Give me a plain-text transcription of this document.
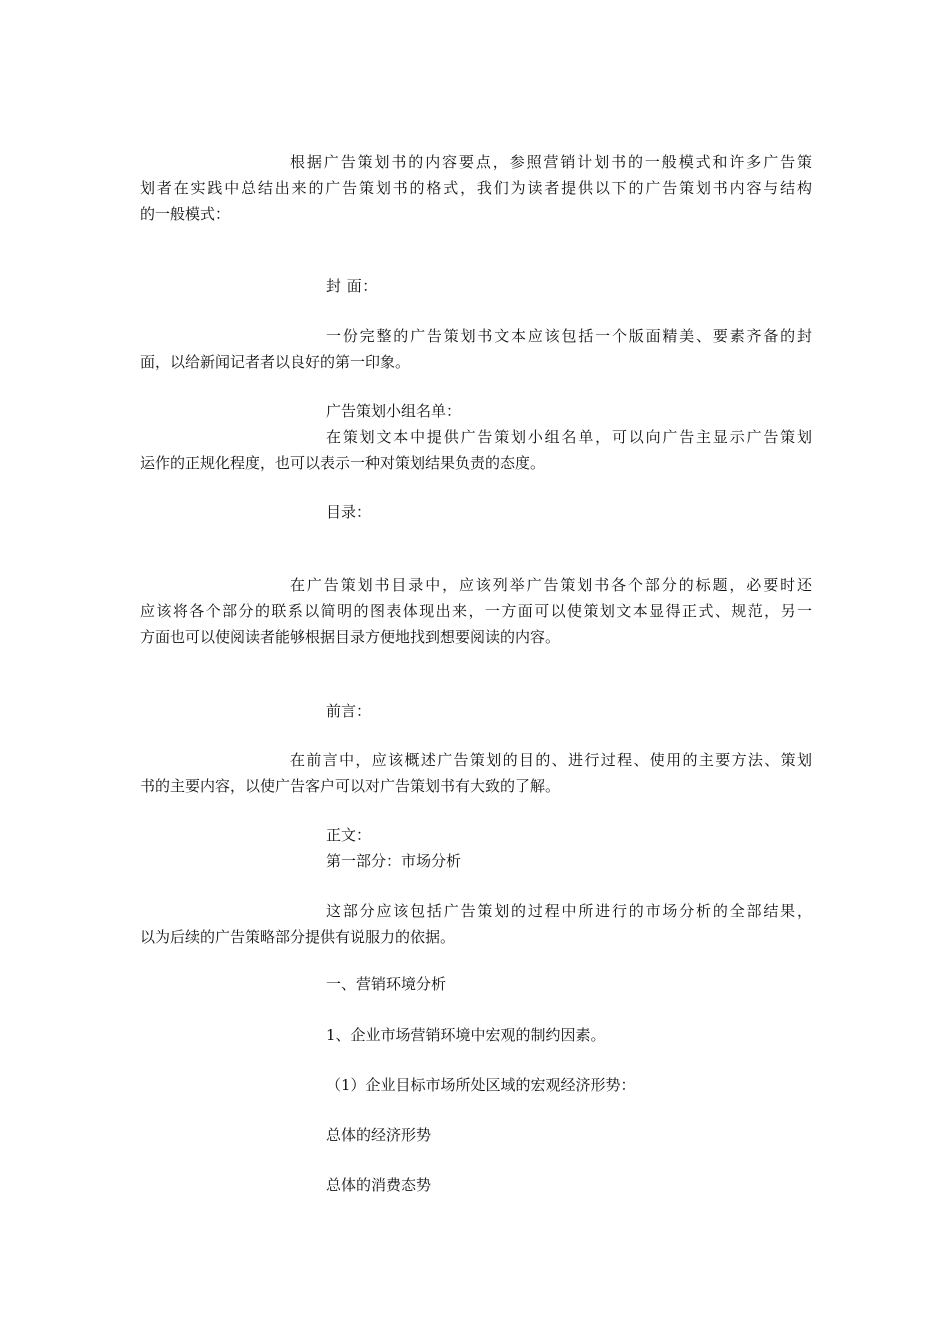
根据广告策划书的内容要点，参照营销计划书的一般模式和许多广告策
划者在实践中总结出来的广告策划书的格式，我们为读者提供以下的广告策划书内容与结构
的一般模式：
封 面：
一份完整的广告策划书文本应该包括一个版面精美、要素齐备的封
面，以给新闻记者者以良好的第一印象。
广告策划小组名单：
在策划文本中提供广告策划小组名单，可以向广告主显示广告策划
运作的正规化程度，也可以表示一种对策划结果负责的态度。
目录：
在广告策划书目录中，应该列举广告策划书各个部分的标题，必要时还
应该将各个部分的联系以简明的图表体现出来，一方面可以使策划文本显得正式、规范，另一
方面也可以使阅读者能够根据目录方便地找到想要阅读的内容。
前言：
在前言中，应该概述广告策划的目的、进行过程、使用的主要方法、策划
书的主要内容，以使广告客户可以对广告策划书有大致的了解。
正文：
第一部分：市场分析
这部分应该包括广告策划的过程中所进行的市场分析的全部结果，
以为后续的广告策略部分提供有说服力的依据。
一、营销环境分析
1、企业市场营销环境中宏观的制约因素。
（1）企业目标市场所处区域的宏观经济形势：
总体的经济形势
总体的消费态势
